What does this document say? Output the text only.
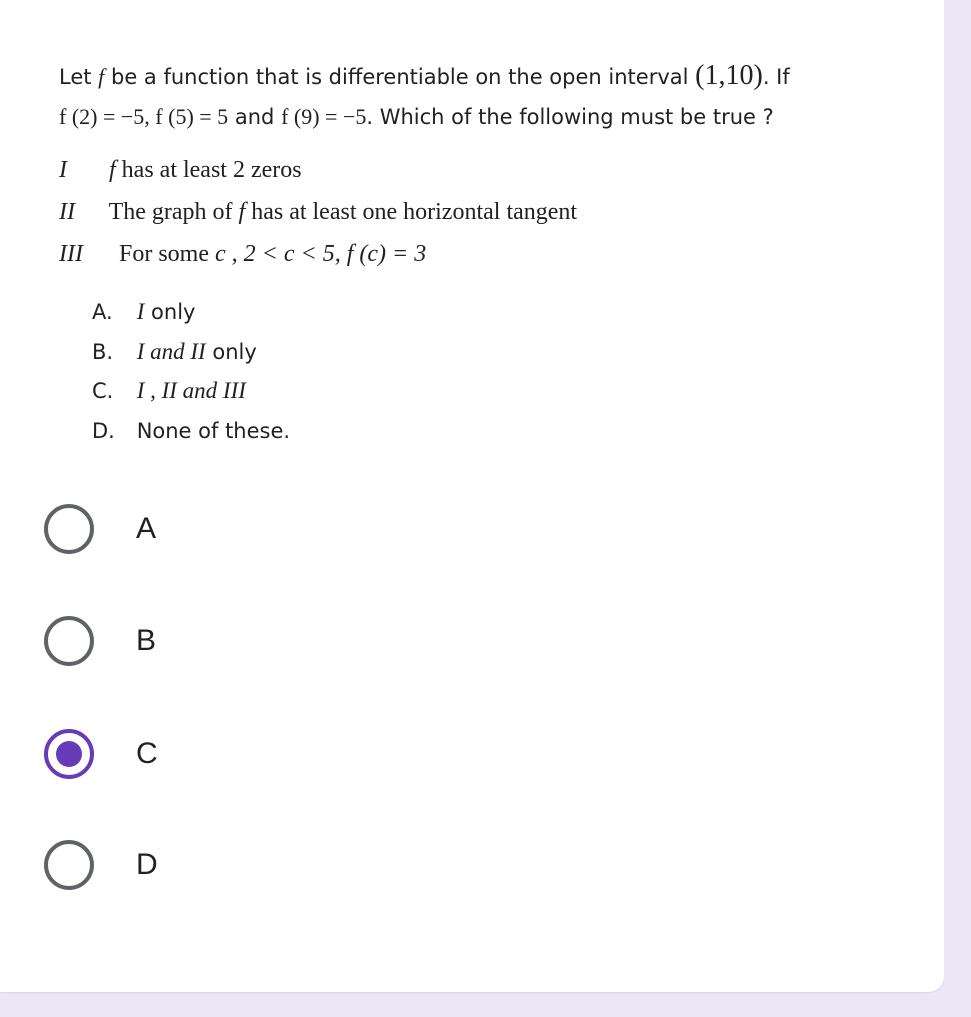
Let f be a function that is differentiable on the open interval (1,10). If
f (2) = −5, f (5) = 5 and f (9) = −5. Which of the following must be true ?
I f has at least 2 zeros
II The graph of f has at least one horizontal tangent
III For some c , 2 < c < 5, f (c) = 3
A. I only
B. I and II only
C. I , II and III
D. None of these.
A
B
C
D
